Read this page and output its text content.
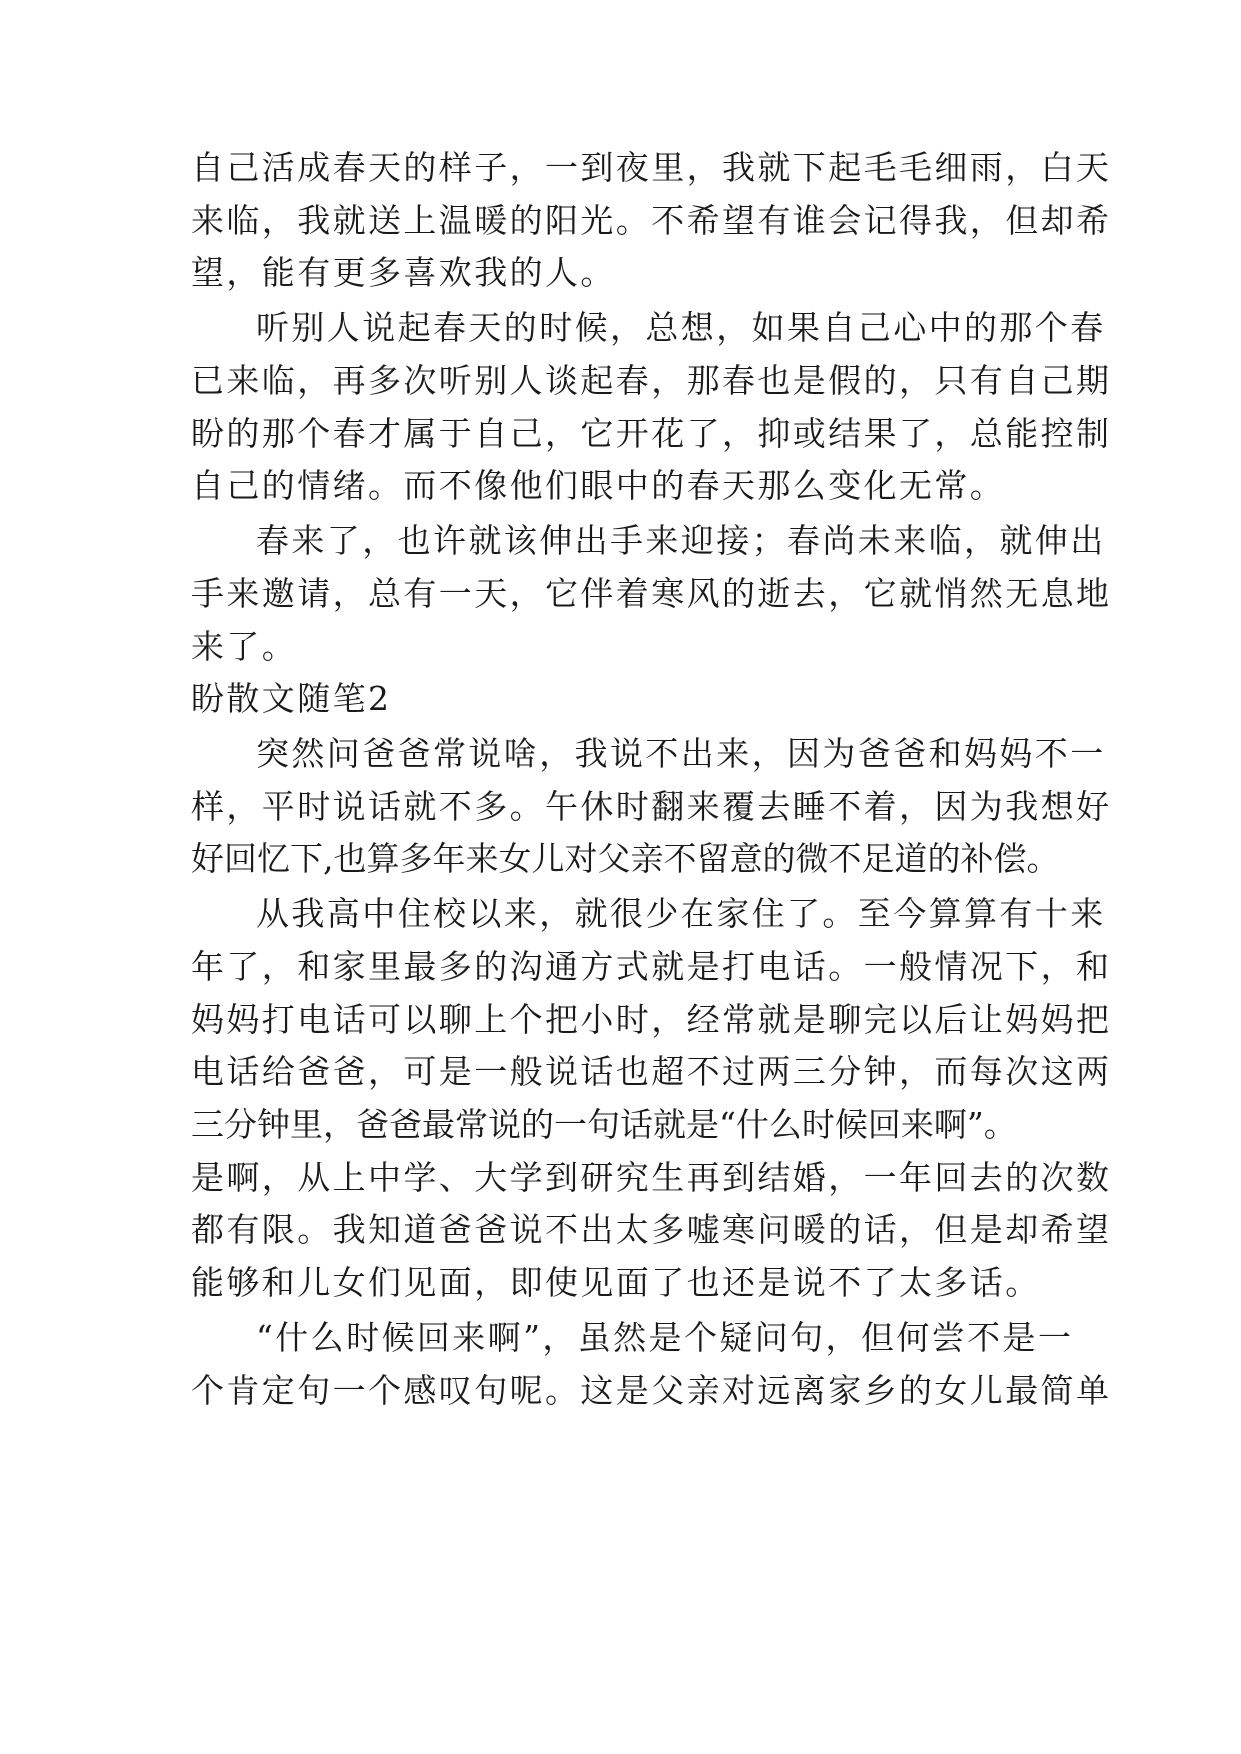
自己活成春天的样子，一到夜里，我就下起毛毛细雨，白天
来临，我就送上温暖的阳光。不希望有谁会记得我，但却希
望，能有更多喜欢我的人。
听别人说起春天的时候，总想，如果自己心中的那个春
已来临，再多次听别人谈起春，那春也是假的，只有自己期
盼的那个春才属于自己，它开花了，抑或结果了，总能控制
自己的情绪。而不像他们眼中的春天那么变化无常。
春来了，也许就该伸出手来迎接；春尚未来临，就伸出
手来邀请，总有一天，它伴着寒风的逝去，它就悄然无息地
来了。
盼散文随笔2
突然问爸爸常说啥，我说不出来，因为爸爸和妈妈不一
样，平时说话就不多。午休时翻来覆去睡不着，因为我想好
好回忆下,也算多年来女儿对父亲不留意的微不足道的补偿。
从我高中住校以来，就很少在家住了。至今算算有十来
年了，和家里最多的沟通方式就是打电话。一般情况下，和
妈妈打电话可以聊上个把小时，经常就是聊完以后让妈妈把
电话给爸爸，可是一般说话也超不过两三分钟，而每次这两
三分钟里，爸爸最常说的一句话就是“什么时候回来啊”。
是啊，从上中学、大学到研究生再到结婚，一年回去的次数
都有限。我知道爸爸说不出太多嘘寒问暖的话，但是却希望
能够和儿女们见面，即使见面了也还是说不了太多话。
“什么时候回来啊”，虽然是个疑问句，但何尝不是一
个肯定句一个感叹句呢。这是父亲对远离家乡的女儿最简单
